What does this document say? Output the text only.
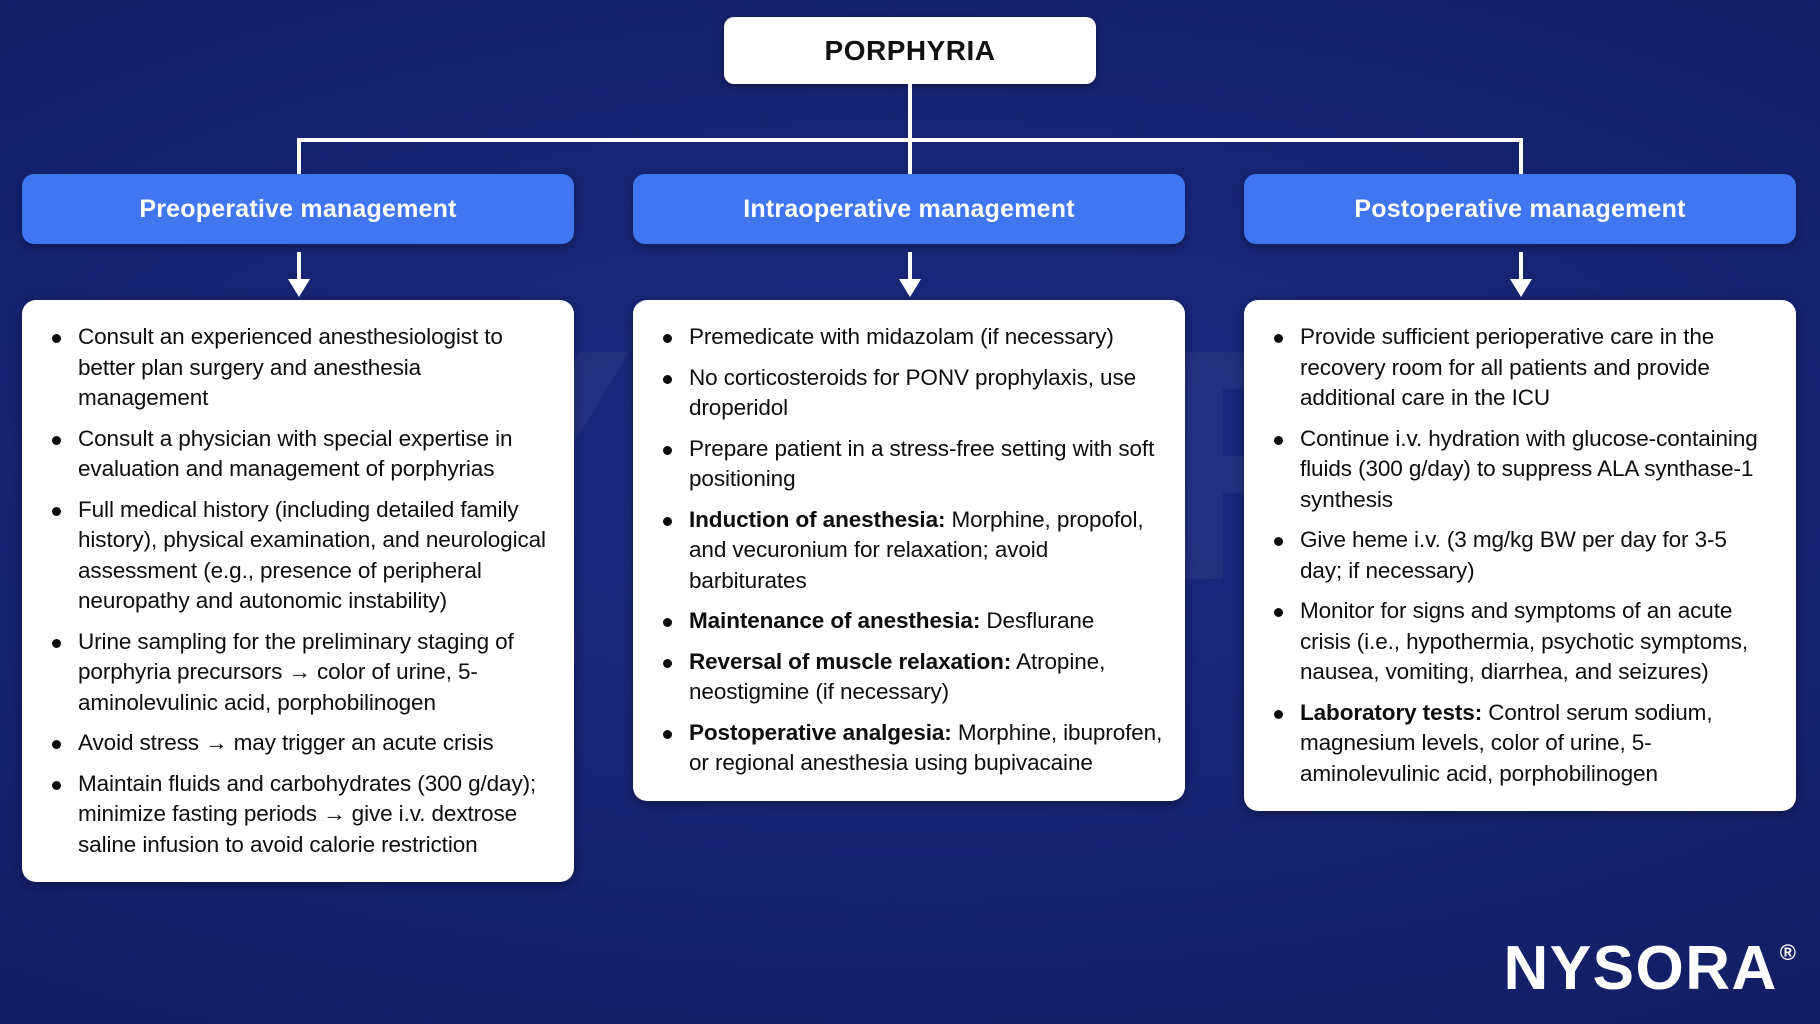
PORPHYRIA
Preoperative management
Consult an experienced anesthesiologist to better plan surgery and anesthesia management
Consult a physician with special expertise in evaluation and management of porphyrias
Full medical history (including detailed family history), physical examination, and neurological assessment (e.g., presence of peripheral neuropathy and autonomic instability)
Urine sampling for the preliminary staging of porphyria precursors → color of urine, 5-aminolevulinic acid, porphobilinogen
Avoid stress → may trigger an acute crisis
Maintain fluids and carbohydrates (300 g/day); minimize fasting periods → give i.v. dextrose saline infusion to avoid calorie restriction
Intraoperative management
Premedicate with midazolam (if necessary)
No corticosteroids for PONV prophylaxis, use droperidol
Prepare patient in a stress-free setting with soft positioning
Induction of anesthesia: Morphine, propofol, and vecuronium for relaxation; avoid barbiturates
Maintenance of anesthesia: Desflurane
Reversal of muscle relaxation: Atropine, neostigmine (if necessary)
Postoperative analgesia: Morphine, ibuprofen, or regional anesthesia using bupivacaine
Postoperative management
Provide sufficient perioperative care in the recovery room for all patients and provide additional care in the ICU
Continue i.v. hydration with glucose-containing fluids (300 g/day) to suppress ALA synthase-1 synthesis
Give heme i.v. (3 mg/kg BW per day for 3-5 day; if necessary)
Monitor for signs and symptoms of an acute crisis (i.e., hypothermia, psychotic symptoms, nausea, vomiting, diarrhea, and seizures)
Laboratory tests: Control serum sodium, magnesium levels, color of urine, 5-aminolevulinic acid, porphobilinogen
NYSORA ®
